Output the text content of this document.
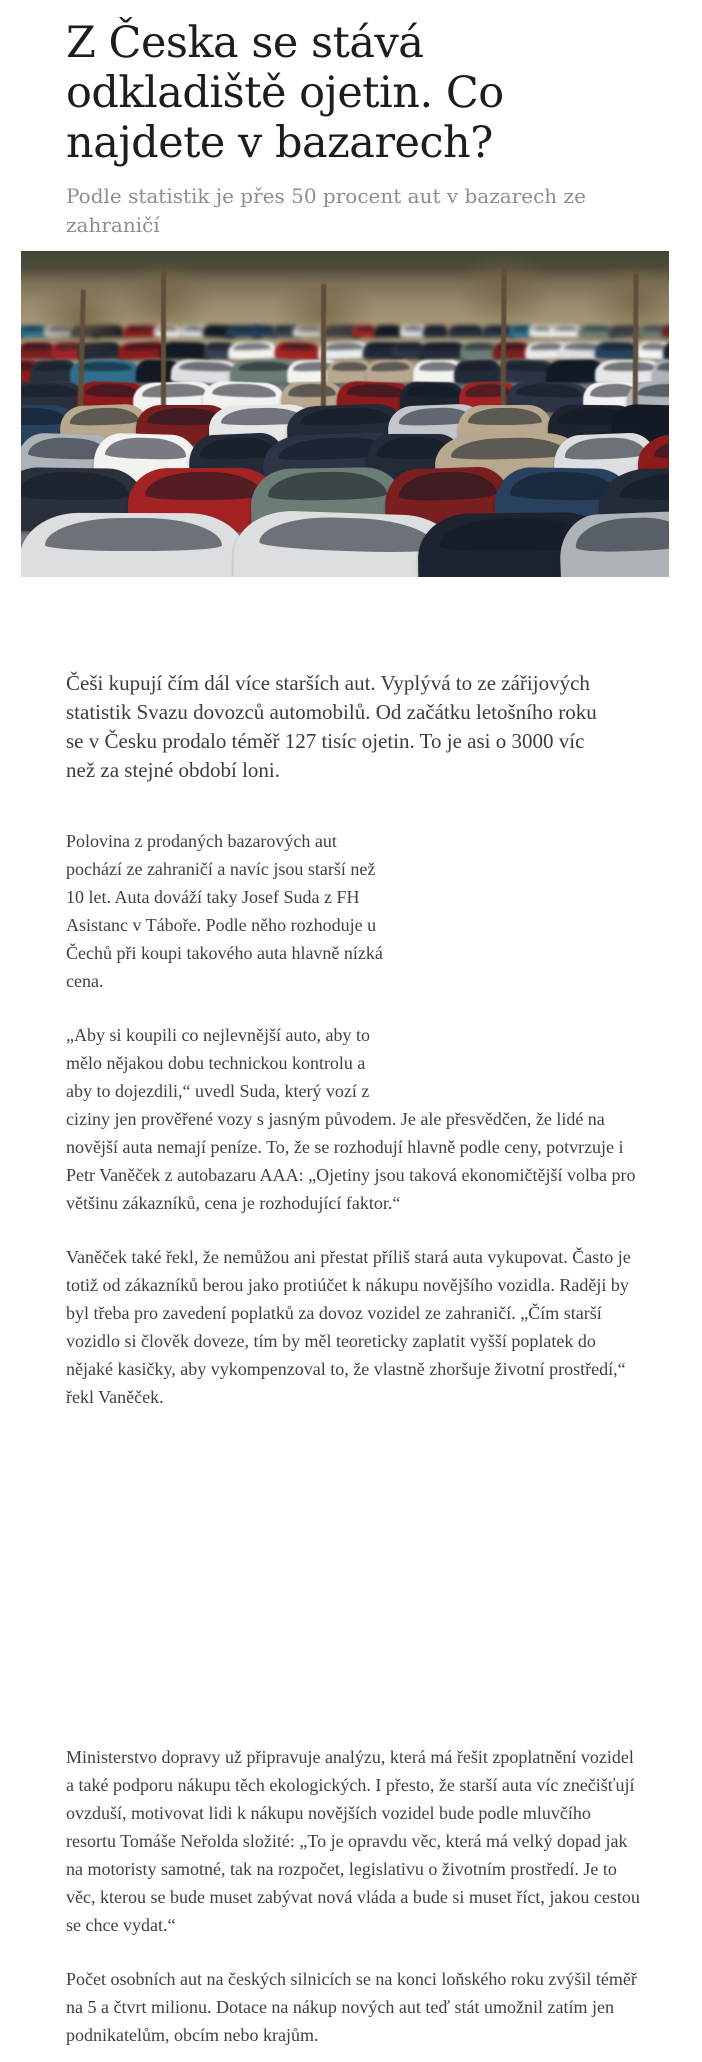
Z Česka se stává odkladiště ojetin. Co najdete v bazarech?

Podle statistik je přes 50 procent aut v bazarech ze zahraničí

Češi kupují čím dál více starších aut. Vyplývá to ze zářijových statistik Svazu dovozců automobilů. Od začátku letošního roku se v Česku prodalo téměř 127 tisíc ojetin. To je asi o 3000 víc než za stejné období loni.

Polovina z prodaných bazarových aut pochází ze zahraničí a navíc jsou starší než 10 let. Auta dováží taky Josef Suda z FH Asistanc v Táboře. Podle něho rozhoduje u Čechů při koupi takového auta hlavně nízká cena.

„Aby si koupili co nejlevnější auto, aby to mělo nějakou dobu technickou kontrolu a aby to dojezdili,“ uvedl Suda, který vozí z ciziny jen prověřené vozy s jasným původem. Je ale přesvědčen, že lidé na novější auta nemají peníze. To, že se rozhodují hlavně podle ceny, potvrzuje i Petr Vaněček z autobazaru AAA: „Ojetiny jsou taková ekonomičtější volba pro většinu zákazníků, cena je rozhodující faktor.“

Vaněček také řekl, že nemůžou ani přestat příliš stará auta vykupovat. Často je totiž od zákazníků berou jako protiúčet k nákupu novějšího vozidla. Raději by byl třeba pro zavedení poplatků za dovoz vozidel ze zahraničí. „Čím starší vozidlo si člověk doveze, tím by měl teoreticky zaplatit vyšší poplatek do nějaké kasičky, aby vykompenzoval to, že vlastně zhoršuje životní prostředí,“ řekl Vaněček.

Ministerstvo dopravy už připravuje analýzu, která má řešit zpoplatnění vozidel a také podporu nákupu těch ekologických. I přesto, že starší auta víc znečišťují ovzduší, motivovat lidi k nákupu novějších vozidel bude podle mluvčího resortu Tomáše Neřolda složité: „To je opravdu věc, která má velký dopad jak na motoristy samotné, tak na rozpočet, legislativu o životním prostředí. Je to věc, kterou se bude muset zabývat nová vláda a bude si muset říct, jakou cestou se chce vydat.“

Počet osobních aut na českých silnicích se na konci loňského roku zvýšil téměř na 5 a čtvrt milionu. Dotace na nákup nových aut teď stát umožnil zatím jen podnikatelům, obcím nebo krajům.
